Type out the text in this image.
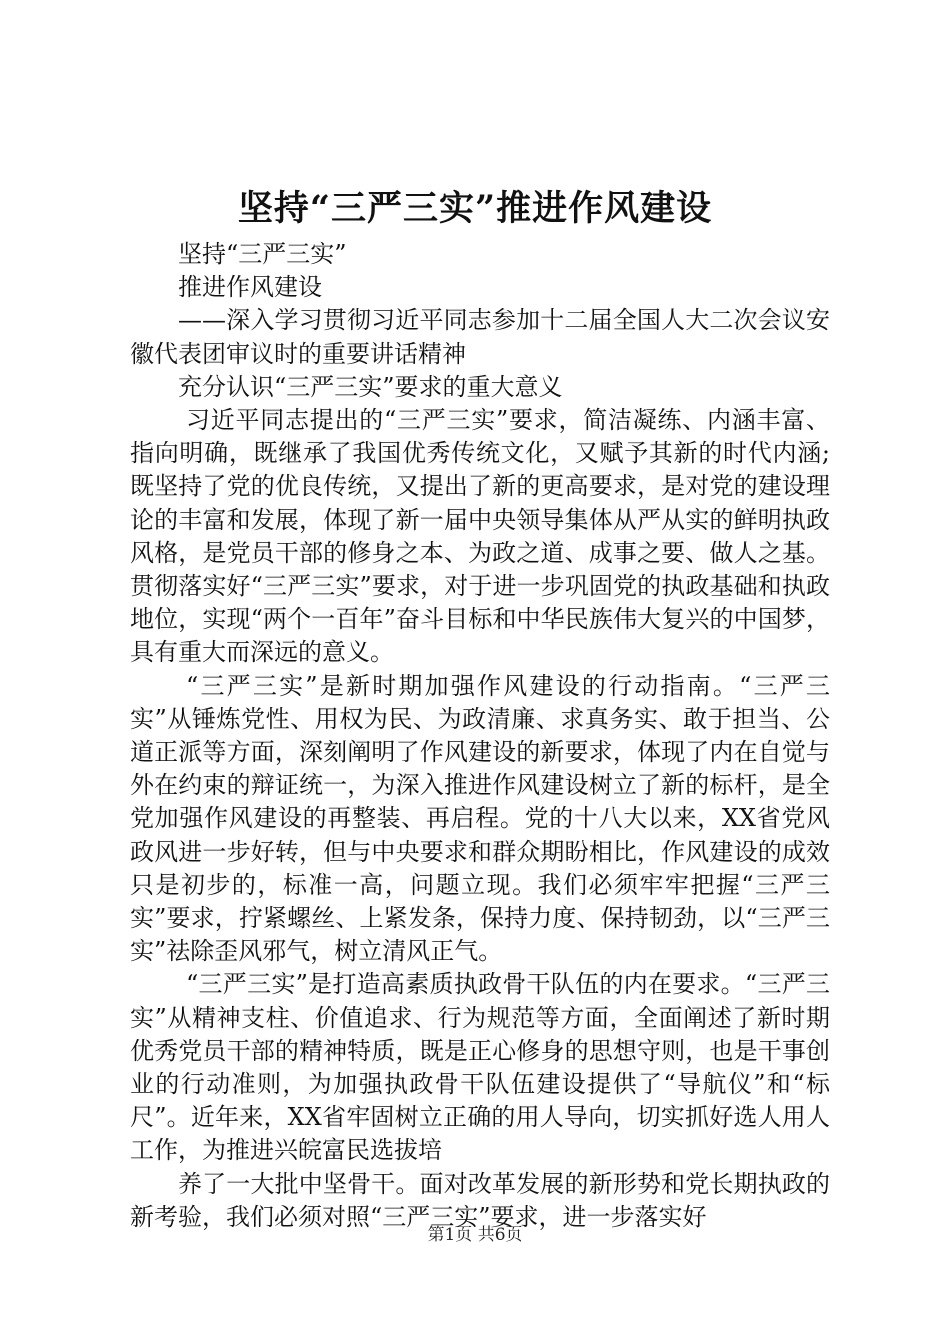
坚持“三严三实”推进作风建设

坚持“三严三实”

推进作风建设

——深入学习贯彻习近平同志参加十二届全国人大二次会议安徽代表团审议时的重要讲话精神

充分认识“三严三实”要求的重大意义

习近平同志提出的“三严三实”要求，简洁凝练、内涵丰富、指向明确，既继承了我国优秀传统文化，又赋予其新的时代内涵;既坚持了党的优良传统，又提出了新的更高要求，是对党的建设理论的丰富和发展，体现了新一届中央领导集体从严从实的鲜明执政风格，是党员干部的修身之本、为政之道、成事之要、做人之基。贯彻落实好“三严三实”要求，对于进一步巩固党的执政基础和执政地位，实现“两个一百年”奋斗目标和中华民族伟大复兴的中国梦，具有重大而深远的意义。

“三严三实”是新时期加强作风建设的行动指南。“三严三实”从锤炼党性、用权为民、为政清廉、求真务实、敢于担当、公道正派等方面，深刻阐明了作风建设的新要求，体现了内在自觉与外在约束的辩证统一，为深入推进作风建设树立了新的标杆，是全党加强作风建设的再整装、再启程。党的十八大以来，XX省党风政风进一步好转，但与中央要求和群众期盼相比，作风建设的成效只是初步的，标准一高，问题立现。我们必须牢牢把握“三严三实”要求，拧紧螺丝、上紧发条，保持力度、保持韧劲，以“三严三实”祛除歪风邪气，树立清风正气。

“三严三实”是打造高素质执政骨干队伍的内在要求。“三严三实”从精神支柱、价值追求、行为规范等方面，全面阐述了新时期优秀党员干部的精神特质，既是正心修身的思想守则，也是干事创业的行动准则，为加强执政骨干队伍建设提供了“导航仪”和“标尺”。近年来，XX省牢固树立正确的用人导向，切实抓好选人用人工作，为推进兴皖富民选拔培

养了一大批中坚骨干。面对改革发展的新形势和党长期执政的新考验，我们必须对照“三严三实”要求，进一步落实好

第1页 共6页
